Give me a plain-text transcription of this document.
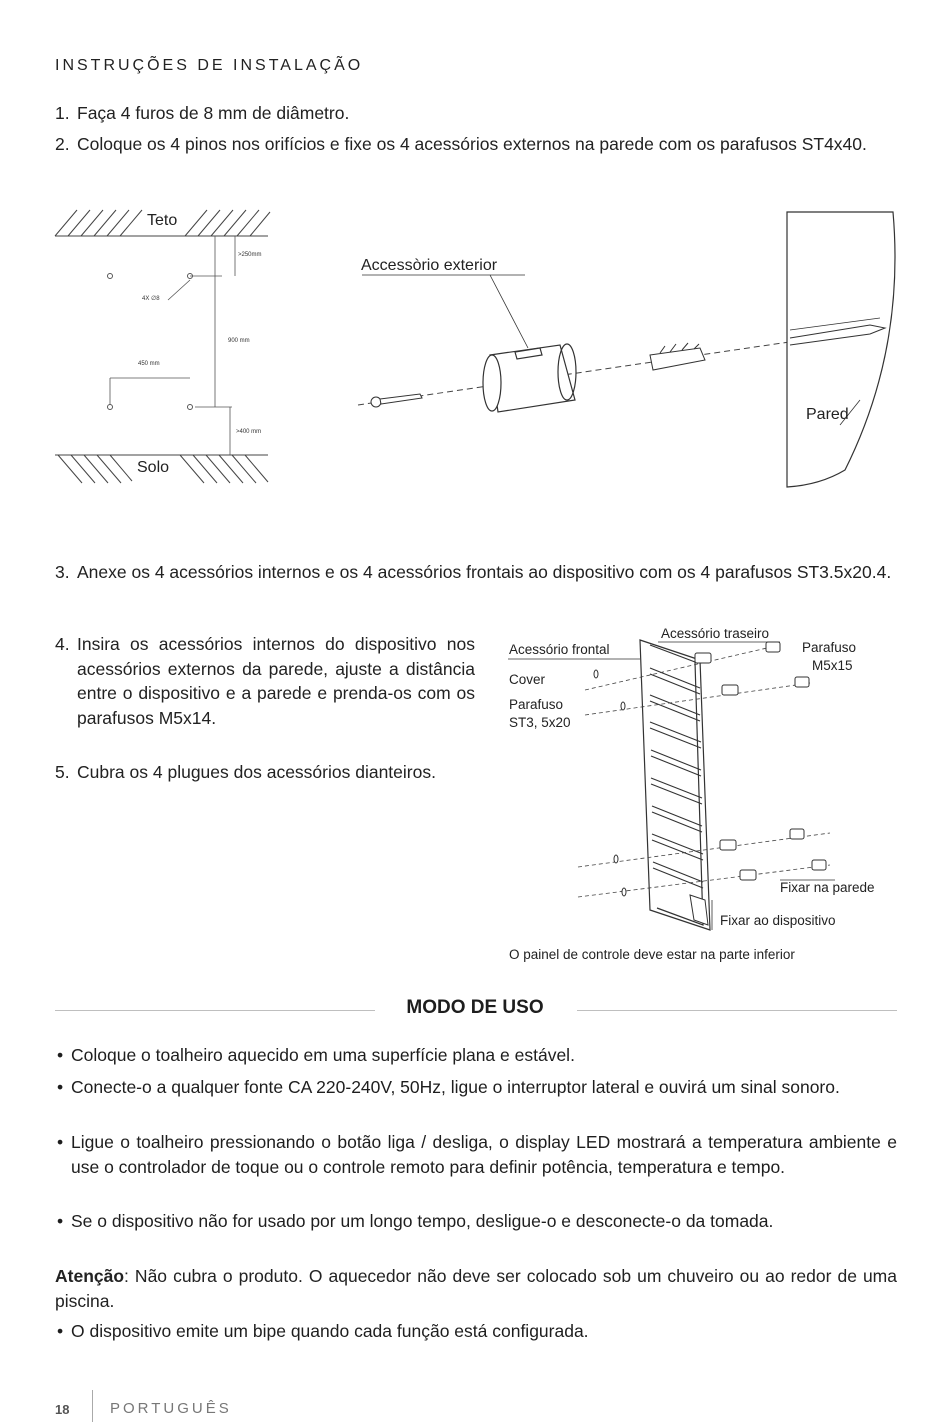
INSTRUÇÕES DE INSTALAÇÃO
1. Faça 4 furos de 8 mm de diâmetro.
2. Coloque os 4 pinos nos orifícios e fixe os 4 acessórios externos na parede com os parafusos ST4x40.
Teto
Solo
>250mm
4X ∅8
900 mm
450 mm
>400 mm
Accessòrio exterior
Pared
3. Anexe os 4 acessórios internos e os 4 acessórios frontais ao dispositivo com os 4 parafusos ST3.5x20.4.
4. Insira os acessórios internos do dispositivo nos acessórios externos da parede, ajuste a distância entre o dispositivo e a parede e prenda-os com os parafusos M5x14.
5. Cubra os 4 plugues dos acessórios dianteiros.
Acessório traseiro
Acessório frontal	Parafuso
M5x15
Cover
Parafuso
ST3, 5x20
Fixar na parede
Fixar ao dispositivo
O painel de controle deve estar na parte inferior
MODO DE USO
• Coloque o toalheiro aquecido em uma superfície plana e estável.
• Conecte-o a qualquer fonte CA 220-240V, 50Hz, ligue o interruptor lateral e ouvirá um sinal sonoro.
• Ligue o toalheiro pressionando o botão liga / desliga, o display LED mostrará a temperatura ambiente e use o controlador de toque ou o controle remoto para definir potência, temperatura e tempo.
• Se o dispositivo não for usado por um longo tempo, desligue-o e desconecte-o da tomada.
Atenção: Não cubra o produto. O aquecedor não deve ser colocado sob um chuveiro ou ao redor de uma piscina.
• O dispositivo emite um bipe quando cada função está configurada.
18	PORTUGUÊS
